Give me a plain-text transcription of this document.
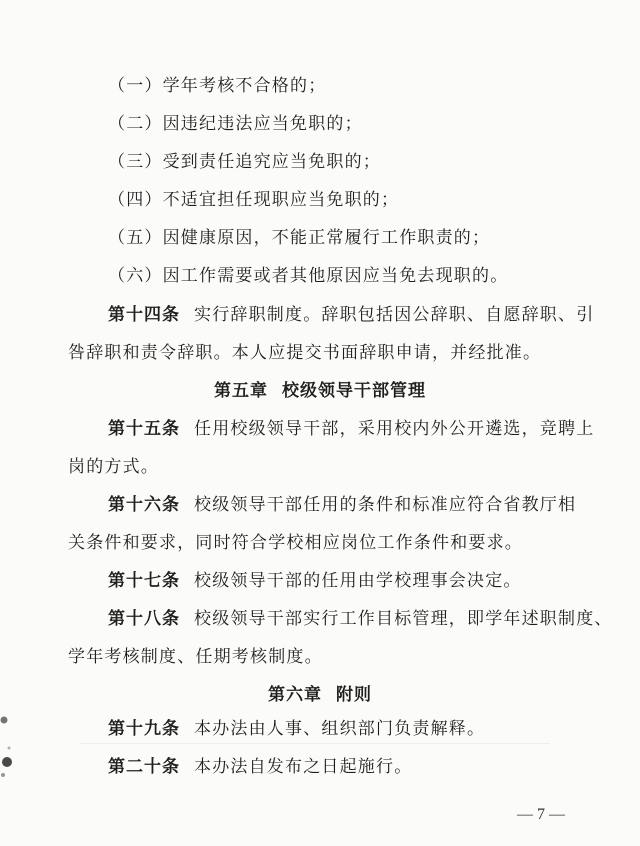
（一）学年考核不合格的；
（二）因违纪违法应当免职的；
（三）受到责任追究应当免职的；
（四）不适宜担任现职应当免职的；
（五）因健康原因，不能正常履行工作职责的；
（六）因工作需要或者其他原因应当免去现职的。
第十四条 实行辞职制度。辞职包括因公辞职、自愿辞职、引
咎辞职和责令辞职。本人应提交书面辞职申请，并经批准。
第五章 校级领导干部管理
第十五条 任用校级领导干部，采用校内外公开遴选，竞聘上
岗的方式。
第十六条 校级领导干部任用的条件和标准应符合省教厅相
关条件和要求，同时符合学校相应岗位工作条件和要求。
第十七条 校级领导干部的任用由学校理事会决定。
第十八条 校级领导干部实行工作目标管理，即学年述职制度、
学年考核制度、任期考核制度。
第六章 附则
第十九条 本办法由人事、组织部门负责解释。
第二十条 本办法自发布之日起施行。
— 7 —
